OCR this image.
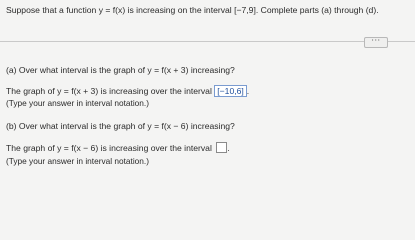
Suppose that a function y = f(x) is increasing on the interval [−7,9]. Complete parts (a) through (d).
···
(a) Over what interval is the graph of y = f(x + 3) increasing?
The graph of y = f(x + 3) is increasing over the interval [−10,6] .
(Type your answer in interval notation.)
(b) Over what interval is the graph of y = f(x − 6) increasing?
The graph of y = f(x − 6) is increasing over the interval .
(Type your answer in interval notation.)
